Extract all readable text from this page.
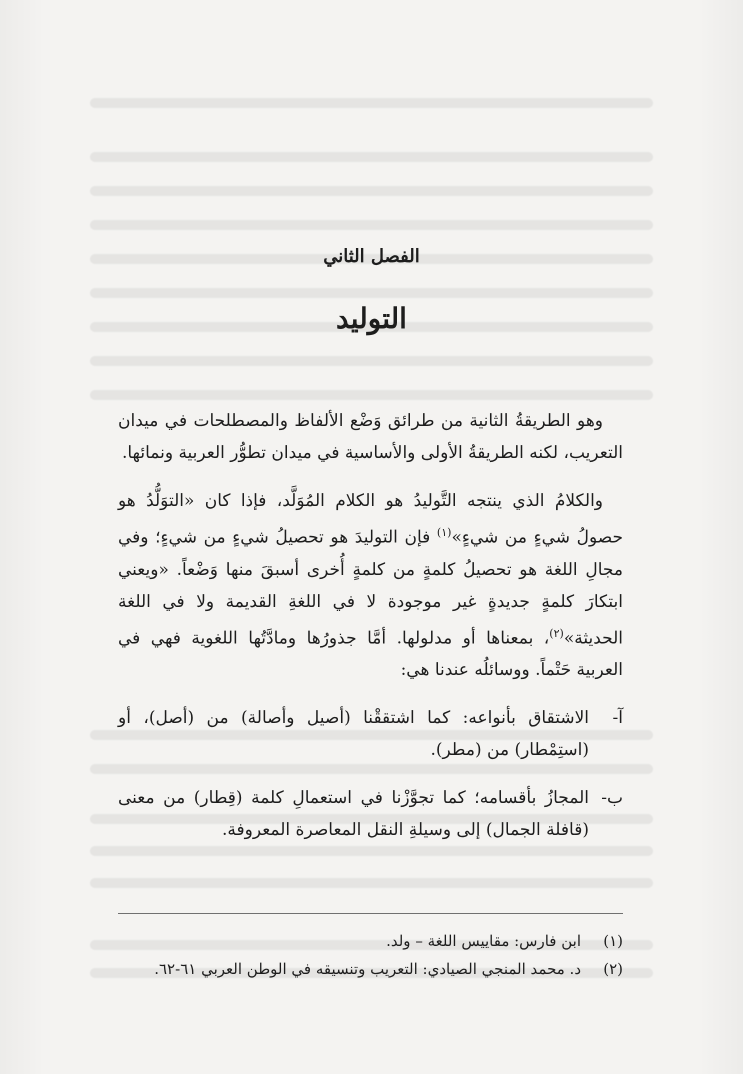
الفصل الثاني
التوليد

وهو الطريقةُ الثانية من طرائق وَضْع الألفاظ والمصطلحات في ميدان التعريب، لكنه الطريقةُ الأولى والأساسية في ميدان تطوُّر العربية ونمائها.

والكلامُ الذي ينتجه التَّوليدُ هو الكلام المُوَلَّد، فإذا كان «التوَلُّدُ هو حصولُ شيءٍ من شيءٍ»$^{(١)}$ فإن التوليدَ هو تحصيلُ شيءٍ من شيءٍ؛ وفي مجالِ اللغة هو تحصيلُ كلمةٍ من كلمةٍ أُخرى أسبقَ منها وَضْعاً. «ويعني ابتكارَ كلمةٍ جديدةٍ غير موجودة لا في اللغةِ القديمة ولا في اللغة الحديثة»$^{(٢)}$، بمعناها أو مدلولها. أمَّا جذورُها ومادَّتُها اللغوية فهي في العربية حَتْماً. ووسائلُه عندنا هي:

آ-
الاشتقاق بأنواعه: كما اشتققْنا (أصيل وأصالة) من (أصل)، أو (استِمْطار) من (مطر).
ب-
المجازُ بأقسامه؛ كما تجوَّزْنا في استعمالِ كلمة (قِطار) من معنى (قافلة الجمال) إلى وسيلةِ النقل المعاصرة المعروفة.
(١)
ابن فارس: مقاييس اللغة – ولد.
(٢)
د. محمد المنجي الصيادي: التعريب وتنسيقه في الوطن العربي ٦١-٦٢.
